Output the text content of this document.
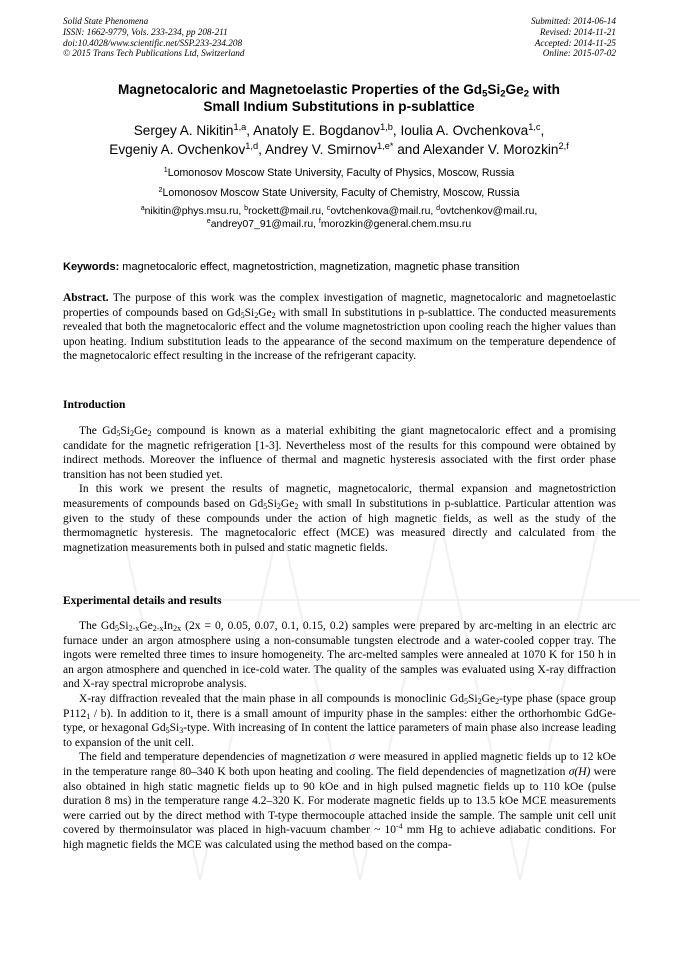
Solid State Phenomena
ISSN: 1662-9779, Vols. 233-234, pp 208-211
doi:10.4028/www.scientific.net/SSP.233-234.208
© 2015 Trans Tech Publications Ltd, Switzerland
Submitted: 2014-06-14
Revised: 2014-11-21
Accepted: 2014-11-25
Online: 2015-07-02
Magnetocaloric and Magnetoelastic Properties of the $Gd_5Si_2Ge_2$ with
Small Indium Substitutions in p-sublattice
Sergey A. Nikitin$^{1,a}$, Anatoly E. Bogdanov$^{1,b}$, Ioulia A. Ovchenkova$^{1,c}$,
Evgeniy A. Ovchenkov$^{1,d}$, Andrey V. Smirnov$^{1,e*}$ and Alexander V. Morozkin$^{2,f}$
$^1$Lomonosov Moscow State University, Faculty of Physics, Moscow, Russia
$^2$Lomonosov Moscow State University, Faculty of Chemistry, Moscow, Russia
$^a$nikitin@phys.msu.ru, $^b$rockett@mail.ru, $^c$ovtchenkova@mail.ru, $^d$ovtchenkov@mail.ru,
$^e$andrey07_91@mail.ru, $^f$morozkin@general.chem.msu.ru
Keywords: magnetocaloric effect, magnetostriction, magnetization, magnetic phase transition

Abstract. The purpose of this work was the complex investigation of magnetic, magnetocaloric and magnetoelastic properties of compounds based on $Gd_5Si_2Ge_2$ with small In substitutions in p-sublattice. The conducted measurements revealed that both the magnetocaloric effect and the volume magnetostriction upon cooling reach the higher values than upon heating. Indium substitution leads to the appearance of the second maximum on the temperature dependence of the magnetocaloric effect resulting in the increase of the refrigerant capacity.

Introduction

The $Gd_5Si_2Ge_2$ compound is known as a material exhibiting the giant magnetocaloric effect and a promising candidate for the magnetic refrigeration [1-3]. Nevertheless most of the results for this compound were obtained by indirect methods. Moreover the influence of thermal and magnetic hysteresis associated with the first order phase transition has not been studied yet.

In this work we present the results of magnetic, magnetocaloric, thermal expansion and magnetostriction measurements of compounds based on $Gd_5Si_2Ge_2$ with small In substitutions in p-sublattice. Particular attention was given to the study of these compounds under the action of high magnetic fields, as well as the study of the thermomagnetic hysteresis. The magnetocaloric effect (MCE) was measured directly and calculated from the magnetization measurements both in pulsed and static magnetic fields.

Experimental details and results

The $Gd_5Si_{2-x}Ge_{2-x}In_{2x}$ (2x = 0, 0.05, 0.07, 0.1, 0.15, 0.2) samples were prepared by arc-melting in an electric arc furnace under an argon atmosphere using a non-consumable tungsten electrode and a water-cooled copper tray. The ingots were remelted three times to insure homogeneity. The arc-melted samples were annealed at 1070 K for 150 h in an argon atmosphere and quenched in ice-cold water. The quality of the samples was evaluated using X-ray diffraction and X-ray spectral microprobe analysis.

X-ray diffraction revealed that the main phase in all compounds is monoclinic $Gd_5Si_2Ge_2$-type phase (space group $P112_1 / b$). In addition to it, there is a small amount of impurity phase in the samples: either the orthorhombic GdGe-type, or hexagonal $Gd_5Si_3$-type. With increasing of In content the lattice parameters of main phase also increase leading to expansion of the unit cell.

The field and temperature dependencies of magnetization σ were measured in applied magnetic fields up to 12 kOe in the temperature range 80–340 K both upon heating and cooling. The field dependencies of magnetization σ(H) were also obtained in high static magnetic fields up to 90 kOe and in high pulsed magnetic fields up to 110 kOe (pulse duration 8 ms) in the temperature range 4.2–320 K. For moderate magnetic fields up to 13.5 kOe MCE measurements were carried out by the direct method with T-type thermocouple attached inside the sample. The sample unit cell unit covered by thermoinsulator was placed in high-vacuum chamber ~ $10^{-4}$ mm Hg to achieve adiabatic conditions. For high magnetic fields the MCE was calculated using the method based on the compa-
